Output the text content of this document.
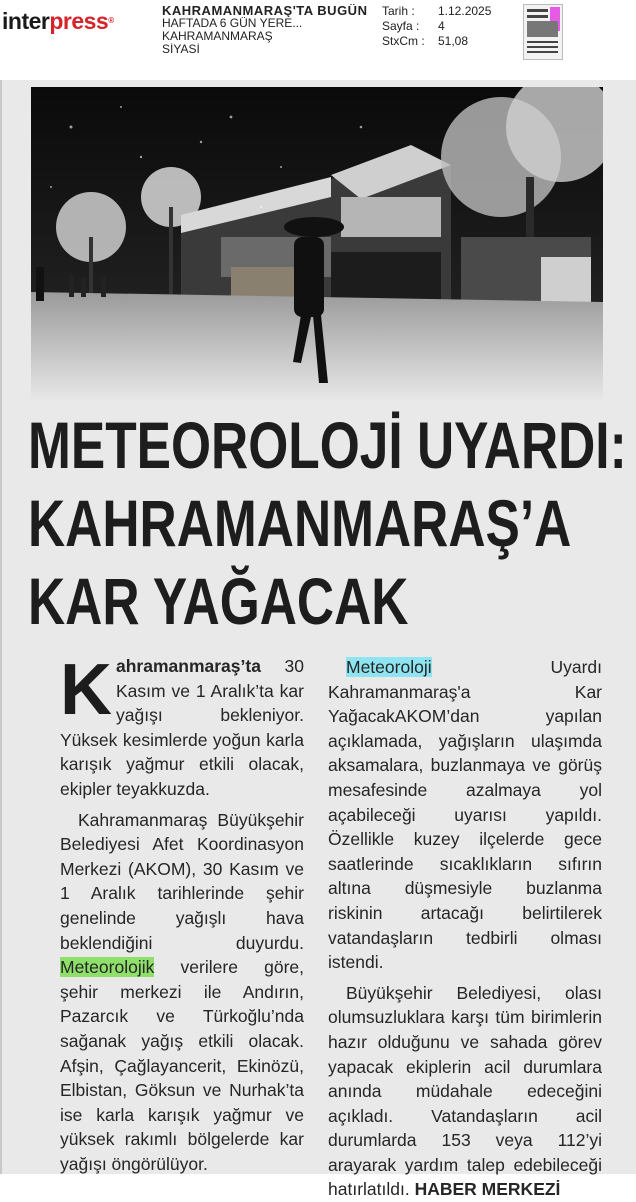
interpress®
KAHRAMANMARAŞ'TA BUGÜN
HAFTADA 6 GÜN YERE...
KAHRAMANMARAŞ
SİYASİ
Tarih :	1.12.2025
Sayfa :	4
StxCm :	51,08
METEOROLOJİ UYARDI:
KAHRAMANMARAŞ’A
KAR YAĞACAK

Kahramanmaraş’ta 30 Kasım ve 1 Aralık’ta kar yağışı bekleniyor. Yüksek kesimlerde yoğun karla karışık yağmur etkili olacak, ekipler teyakkuzda.

Kahramanmaraş Büyükşehir Belediyesi Afet Koordinasyon Merkezi (AKOM), 30 Kasım ve 1 Aralık tarihlerinde şehir genelinde yağışlı hava beklendiğini duyurdu. Meteorolojik verilere göre, şehir merkezi ile Andırın, Pazarcık ve Türkoğlu’nda sağanak yağış etkili olacak. Afşin, Çağlayancerit, Ekinözü, Elbistan, Göksun ve Nurhak’ta ise karla karışık yağmur ve yüksek rakımlı bölgelerde kar yağışı öngörülüyor.

Meteoroloji Uyardı Kahramanmaraş'a Kar YağacakAKOM’dan yapılan açıklamada, yağışların ulaşımda aksamalara, buzlanmaya ve görüş mesafesinde azalmaya yol açabileceği uyarısı yapıldı. Özellikle kuzey ilçelerde gece saatlerinde sıcaklıkların sıfırın altına düşmesiyle buzlanma riskinin artacağı belirtilerek vatandaşların tedbirli olması istendi.

Büyükşehir Belediyesi, olası olumsuzluklara karşı tüm birimlerin hazır olduğunu ve sahada görev yapacak ekiplerin acil durumlara anında müdahale edeceğini açıkladı. Vatandaşların acil durumlarda 153 veya 112’yi arayarak yardım talep edebileceği hatırlatıldı. HABER MERKEZİ
